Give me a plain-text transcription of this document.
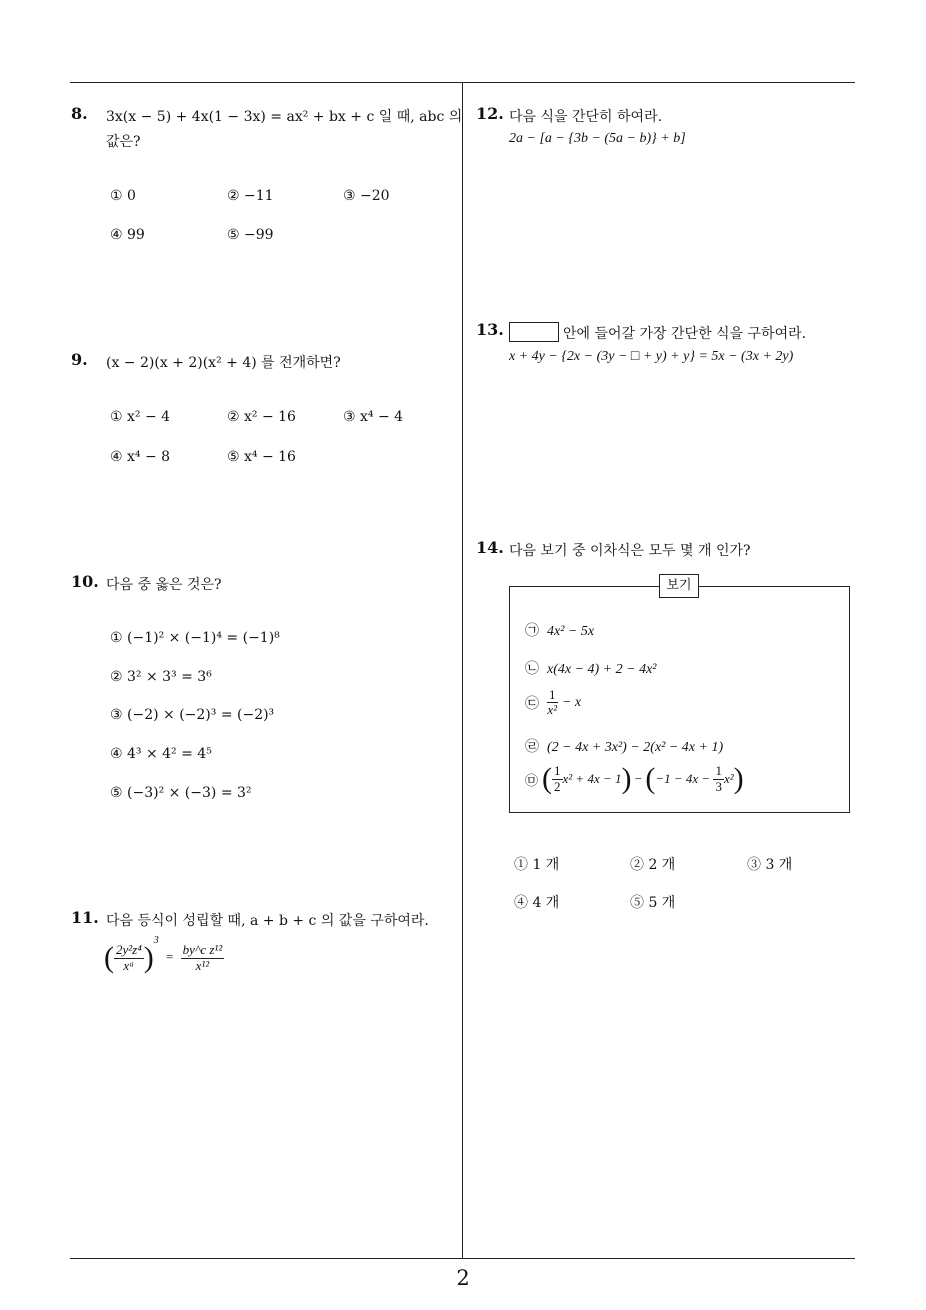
2
8. 3x(x − 5) + 4x(1 − 3x) = ax² + bx + c 일 때, abc 의
값은?
① 0	② −11	③ −20
④ 99	⑤ −99
9. (x − 2)(x + 2)(x² + 4) 를 전개하면?
① x² − 4	② x² − 16	③ x⁴ − 4
④ x⁴ − 8	⑤ x⁴ − 16
10. 다음 중 옳은 것은?
① (−1)² × (−1)⁴ = (−1)⁸
② 3² × 3³ = 3⁶
③ (−2) × (−2)³ = (−2)³
④ 4³ × 4² = 4⁵
⑤ (−3)² × (−3) = 3²
11. 다음 등식이 성립할 때, a + b + c 의 값을 구하여라.
( $\frac{\text{2y²z⁴}}{\text{xᵃ}} )^3 = \frac{\text{by\textasciicircum{}c z¹²}}{\text{x¹²}}$
12. 다음 식을 간단히 하여라.
2a − [a − {3b − (5a − b)} + b]
13.	안에 들어갈 가장 간단한 식을 구하여라.
x + 4y − {2x − (3y − □ + y) + y} = 5x − (3x + 2y)
14. 다음 보기 중 이차식은 모두 몇 개 인가?
보기
㉠ 4x² − 5x
㉡ x(4x − 4) + 2 − 4x²
㉢ $\frac{1}{\text{x²}} - x$
㉣ (2 − 4x + 3x²) − 2(x² − 4x + 1)
㉤ ( $\frac{1}{2} x^2 + 4x - 1) - (-1 - 4x - \frac{1}{3} x^2)$
① 1 개	② 2 개	③ 3 개
④ 4 개	⑤ 5 개
